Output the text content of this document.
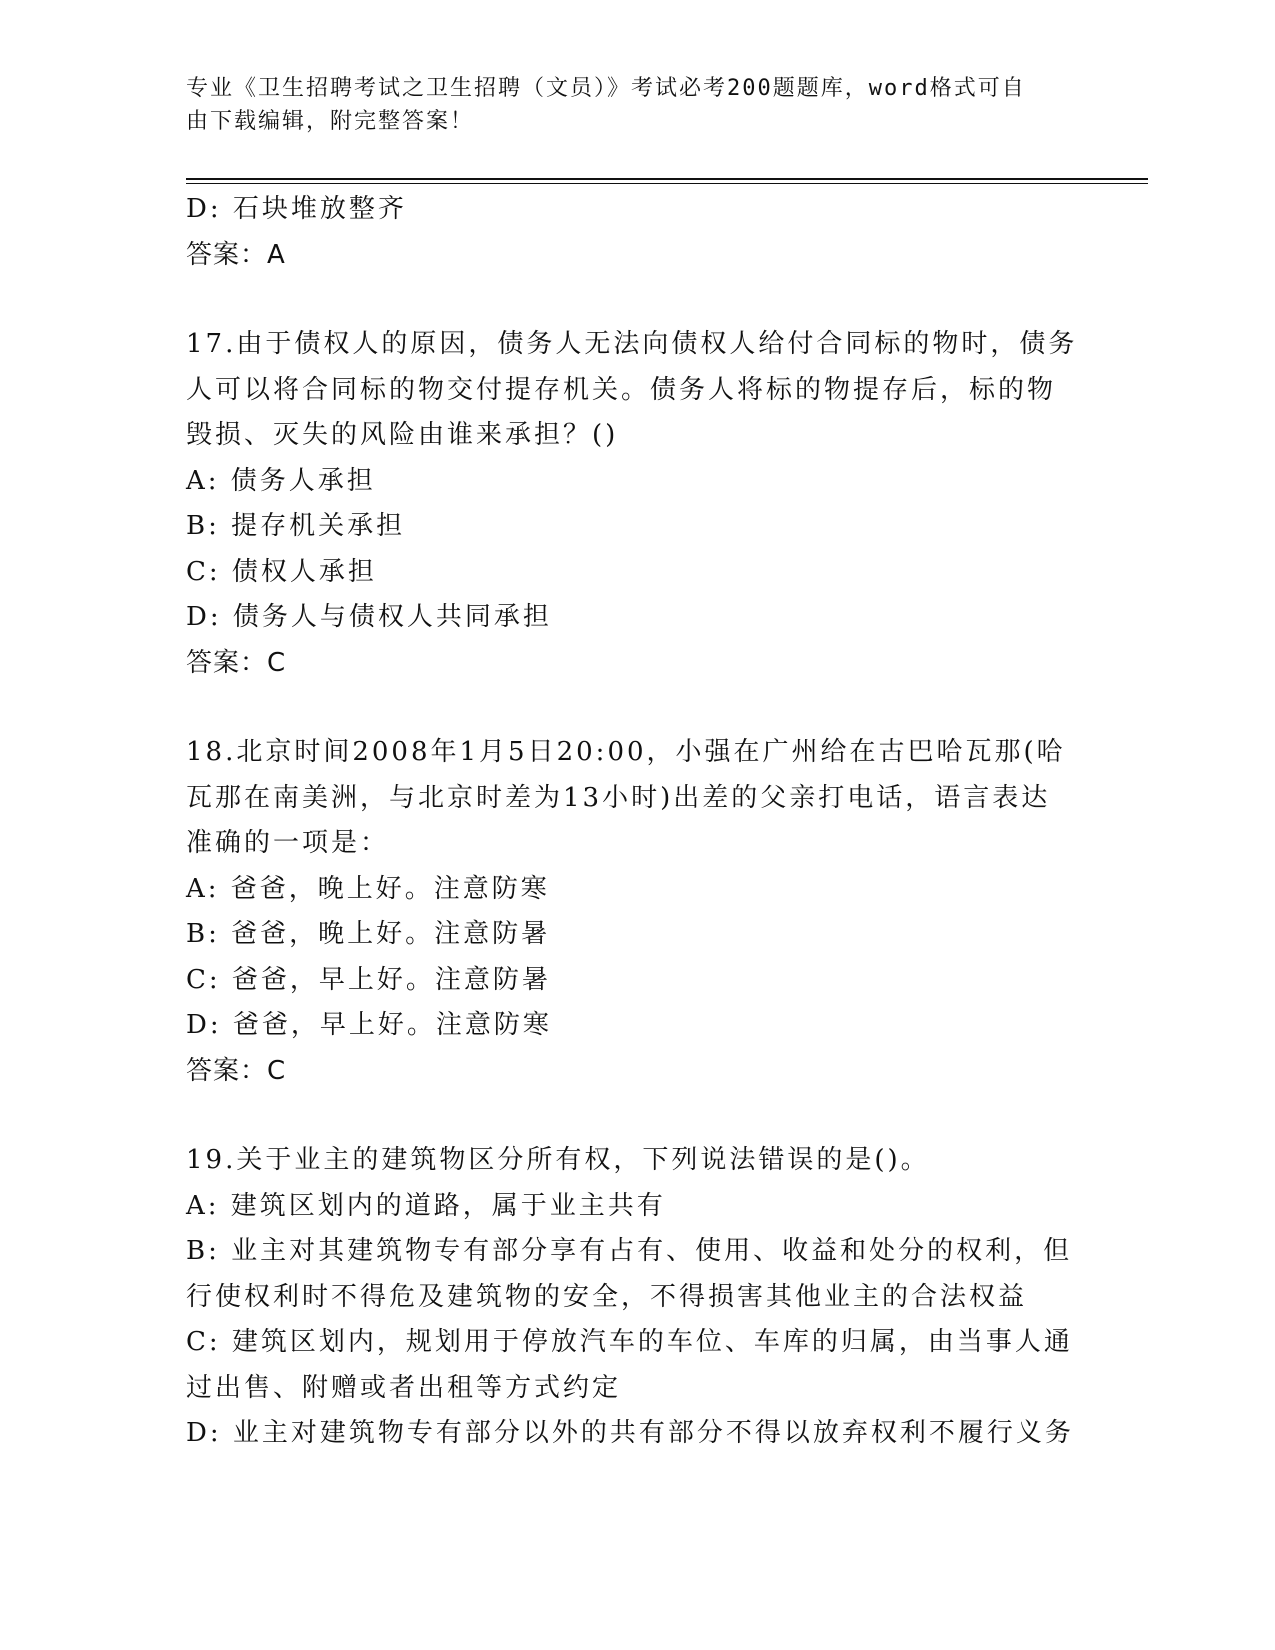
专业《卫生招聘考试之卫生招聘（文员）》考试必考200题题库，word格式可自
由下载编辑，附完整答案！
D: 石块堆放整齐
答案：A
17.由于债权人的原因，债务人无法向债权人给付合同标的物时，债务
人可以将合同标的物交付提存机关。债务人将标的物提存后，标的物
毁损、灭失的风险由谁来承担？()
A: 债务人承担
B: 提存机关承担
C: 债权人承担
D: 债务人与债权人共同承担
答案：C
18.北京时间2008年1月5日20:00，小强在广州给在古巴哈瓦那(哈
瓦那在南美洲，与北京时差为13小时)出差的父亲打电话，语言表达
准确的一项是：
A: 爸爸，晚上好。注意防寒
B: 爸爸，晚上好。注意防暑
C: 爸爸，早上好。注意防暑
D: 爸爸，早上好。注意防寒
答案：C
19.关于业主的建筑物区分所有权，下列说法错误的是()。
A: 建筑区划内的道路，属于业主共有
B: 业主对其建筑物专有部分享有占有、使用、收益和处分的权利，但
行使权利时不得危及建筑物的安全，不得损害其他业主的合法权益
C: 建筑区划内，规划用于停放汽车的车位、车库的归属，由当事人通
过出售、附赠或者出租等方式约定
D: 业主对建筑物专有部分以外的共有部分不得以放弃权利不履行义务
